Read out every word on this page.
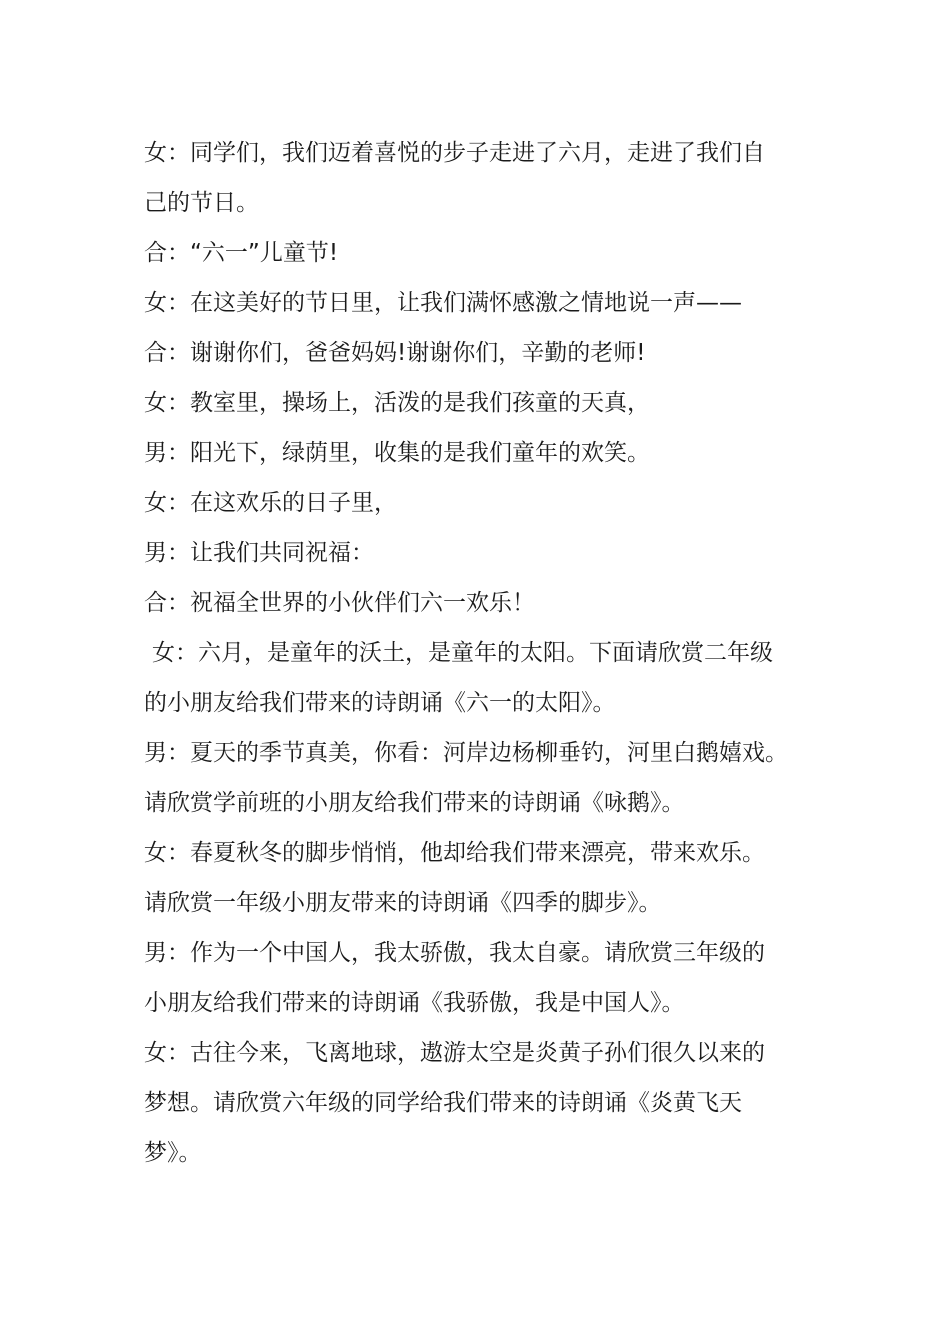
女：同学们，我们迈着喜悦的步子走进了六月，走进了我们自
己的节日。
合：“六一”儿童节!
女：在这美好的节日里，让我们满怀感激之情地说一声——
合：谢谢你们，爸爸妈妈!谢谢你们，辛勤的老师!
女：教室里，操场上，活泼的是我们孩童的天真，
男：阳光下，绿荫里，收集的是我们童年的欢笑。
女：在这欢乐的日子里，
男：让我们共同祝福：
合：祝福全世界的小伙伴们六一欢乐！
女：六月，是童年的沃土，是童年的太阳。下面请欣赏二年级
的小朋友给我们带来的诗朗诵《六一的太阳》。
男：夏天的季节真美，你看：河岸边杨柳垂钓，河里白鹅嬉戏。
请欣赏学前班的小朋友给我们带来的诗朗诵《咏鹅》。
女：春夏秋冬的脚步悄悄，他却给我们带来漂亮，带来欢乐。
请欣赏一年级小朋友带来的诗朗诵《四季的脚步》。
男：作为一个中国人，我太骄傲，我太自豪。请欣赏三年级的
小朋友给我们带来的诗朗诵《我骄傲，我是中国人》。
女：古往今来，飞离地球，遨游太空是炎黄子孙们很久以来的
梦想。请欣赏六年级的同学给我们带来的诗朗诵《炎黄飞天
梦》。
